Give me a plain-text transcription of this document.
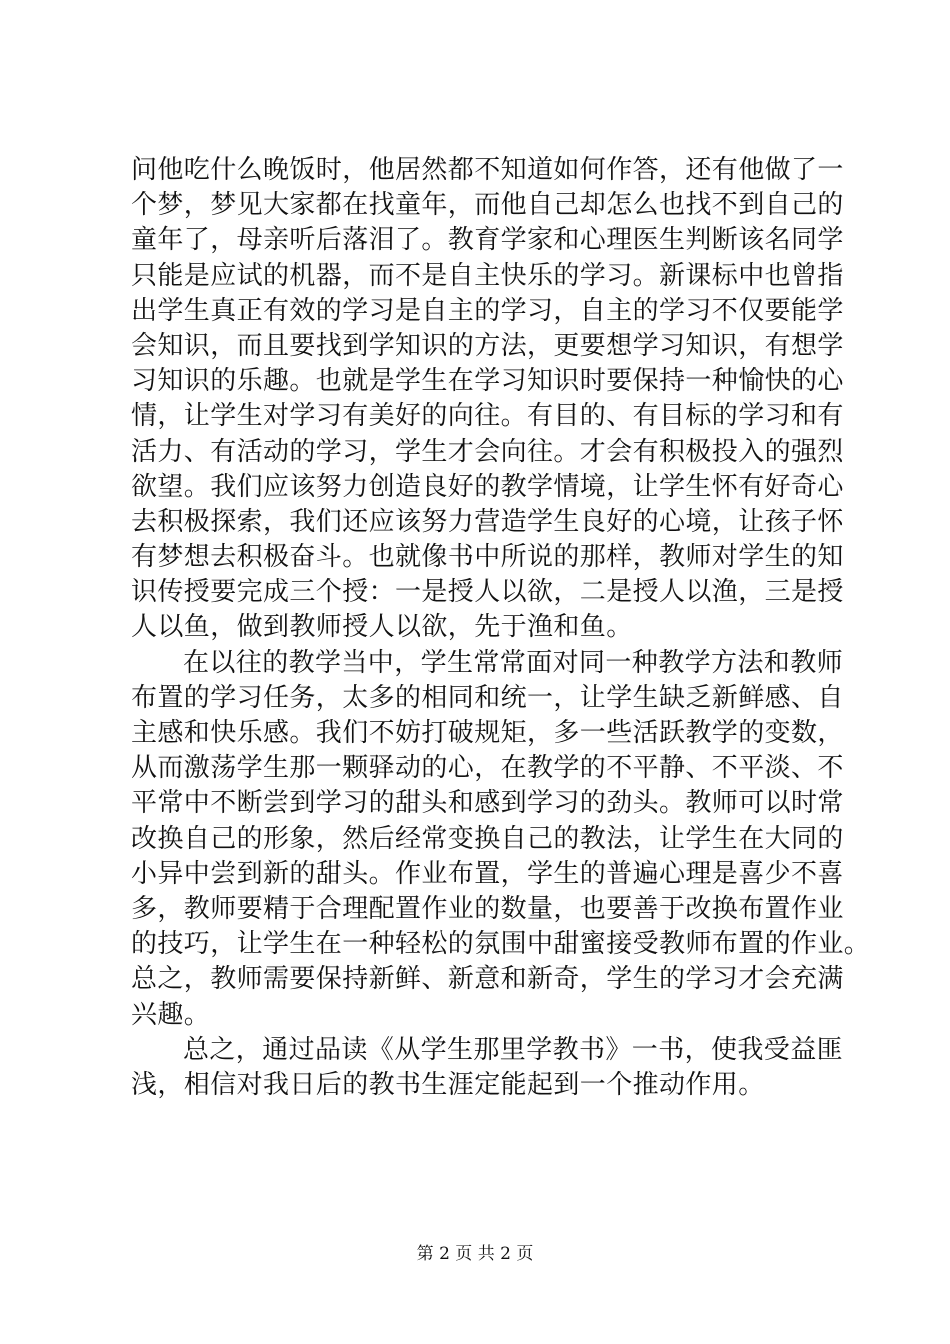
问他吃什么晚饭时，他居然都不知道如何作答，还有他做了一
个梦，梦见大家都在找童年，而他自己却怎么也找不到自己的
童年了，母亲听后落泪了。教育学家和心理医生判断该名同学
只能是应试的机器，而不是自主快乐的学习。新课标中也曾指
出学生真正有效的学习是自主的学习，自主的学习不仅要能学
会知识，而且要找到学知识的方法，更要想学习知识，有想学
习知识的乐趣。也就是学生在学习知识时要保持一种愉快的心
情，让学生对学习有美好的向往。有目的、有目标的学习和有
活力、有活动的学习，学生才会向往。才会有积极投入的强烈
欲望。我们应该努力创造良好的教学情境，让学生怀有好奇心
去积极探索，我们还应该努力营造学生良好的心境，让孩子怀
有梦想去积极奋斗。也就像书中所说的那样，教师对学生的知
识传授要完成三个授：一是授人以欲，二是授人以渔，三是授
人以鱼，做到教师授人以欲，先于渔和鱼。
在以往的教学当中，学生常常面对同一种教学方法和教师
布置的学习任务，太多的相同和统一，让学生缺乏新鲜感、自
主感和快乐感。我们不妨打破规矩，多一些活跃教学的变数，
从而激荡学生那一颗驿动的心，在教学的不平静、不平淡、不
平常中不断尝到学习的甜头和感到学习的劲头。教师可以时常
改换自己的形象，然后经常变换自己的教法，让学生在大同的
小异中尝到新的甜头。作业布置，学生的普遍心理是喜少不喜
多，教师要精于合理配置作业的数量，也要善于改换布置作业
的技巧，让学生在一种轻松的氛围中甜蜜接受教师布置的作业。
总之，教师需要保持新鲜、新意和新奇，学生的学习才会充满
兴趣。
总之，通过品读《从学生那里学教书》一书，使我受益匪
浅，相信对我日后的教书生涯定能起到一个推动作用。
第 2 页 共 2 页
